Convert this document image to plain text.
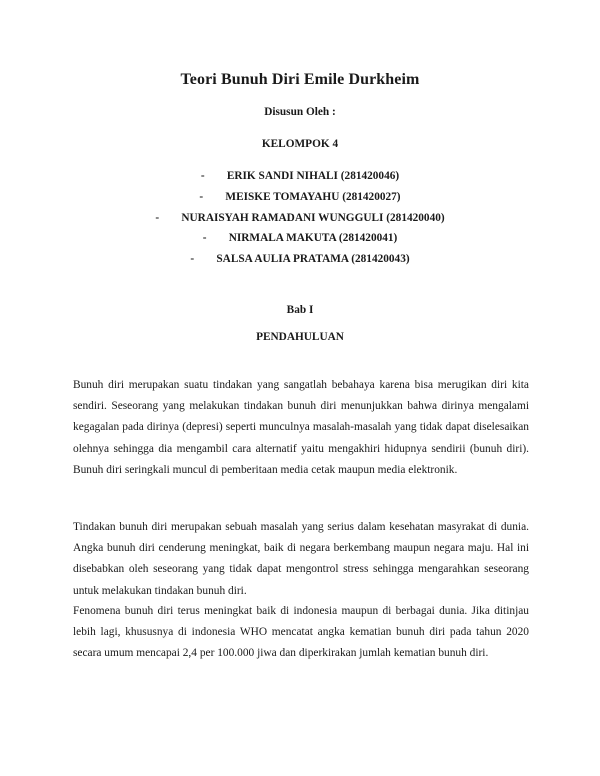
Teori Bunuh Diri Emile Durkheim
Disusun Oleh :
KELOMPOK 4
- ERIK SANDI NIHALI (281420046)
- MEISKE TOMAYAHU (281420027)
- NURAISYAH RAMADANI WUNGGULI (281420040)
- NIRMALA MAKUTA (281420041)
- SALSA AULIA PRATAMA (281420043)
Bab I
PENDAHULUAN

Bunuh diri merupakan suatu tindakan yang sangatlah bebahaya karena bisa merugikan diri kita sendiri. Seseorang yang melakukan tindakan bunuh diri menunjukkan bahwa dirinya mengalami kegagalan pada dirinya (depresi) seperti munculnya masalah-masalah yang tidak dapat diselesaikan olehnya sehingga dia mengambil cara alternatif yaitu mengakhiri hidupnya sendirii (bunuh diri). Bunuh diri seringkali muncul di pemberitaan media cetak maupun media elektronik.

Tindakan bunuh diri merupakan sebuah masalah yang serius dalam kesehatan masyrakat di dunia. Angka bunuh diri cenderung meningkat, baik di negara berkembang maupun negara maju. Hal ini disebabkan oleh seseorang yang tidak dapat mengontrol stress sehingga mengarahkan seseorang untuk melakukan tindakan bunuh diri.

Fenomena bunuh diri terus meningkat baik di indonesia maupun di berbagai dunia. Jika ditinjau lebih lagi, khususnya di indonesia WHO mencatat angka kematian bunuh diri pada tahun 2020 secara umum mencapai 2,4 per 100.000 jiwa dan diperkirakan jumlah kematian bunuh diri.
